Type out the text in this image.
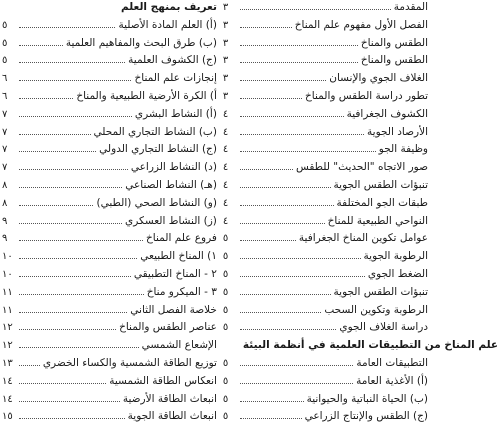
تعريف بمنهج العلم
٥	(أ) العلم المادة الأصلية
٥	(ب) طرق البحث والمفاهيم العلمية
٥	(ج) الكشوف العلمية
٦	إنجازات علم المناخ
٦	أ) الكرة الأرضية الطبيعية والمناخ
٧	(أ) النشاط البشري
٧	(ب) النشاط التجاري المحلي
٧	(ج) النشاط التجاري الدولي
٧	(د) النشاط الزراعي
٨	(هـ) النشاط الصناعي
٨	(و) النشاط الصحي (الطبي)
٩	(ز) النشاط العسكري
٩	فروع علم المناخ
١٠	١) المناخ الطبيعي
١٠	٢ - المناخ التطبيقي
١١	٣ - الميكرو مناخ
١١	خلاصة الفصل الثاني
١٢	عناصر الطقس والمناخ
١٢	الإشعاع الشمسي
١٣	توزيع الطاقة الشمسية والكساء الخضري
١٤	انعكاس الطاقة الشمسية
١٤	انبعاث الطاقة الأرضية
١٥	انبعاث الطاقة الجوية
٣	المقدمة
٣	الفصل الأول مفهوم علم المناخ
٣	الطقس والمناخ
٣	الطقس والمناخ
٣	الغلاف الجوي والإنسان
٣	تطور دراسة الطقس والمناخ
٤	الكشوف الجغرافية
٤	الأرصاد الجوية
٤	وظيفة الجو
٤	صور الاتجاه "الحديث" للطقس
٤	تنبؤات الطقس الجوية
٤	طبقات الجو المختلفة
٤	النواحي الطبيعية للمناخ
٥	عوامل تكوين المناخ الجغرافية
٥	الرطوبة الجوية
٥	الضغط الجوي
٥	تنبؤات الطقس الجوية
٥	الرطوبة وتكوين السحب
٥	دراسة الغلاف الجوي
علم المناخ من التطبيقات العلمية في أنظمة البيئة
٥	التطبيقات العامة
٥	(أ) الأغذية العامة
٥	(ب) الحياة النباتية والحيوانية
٥	(ج) الطقس والإنتاج الزراعي
